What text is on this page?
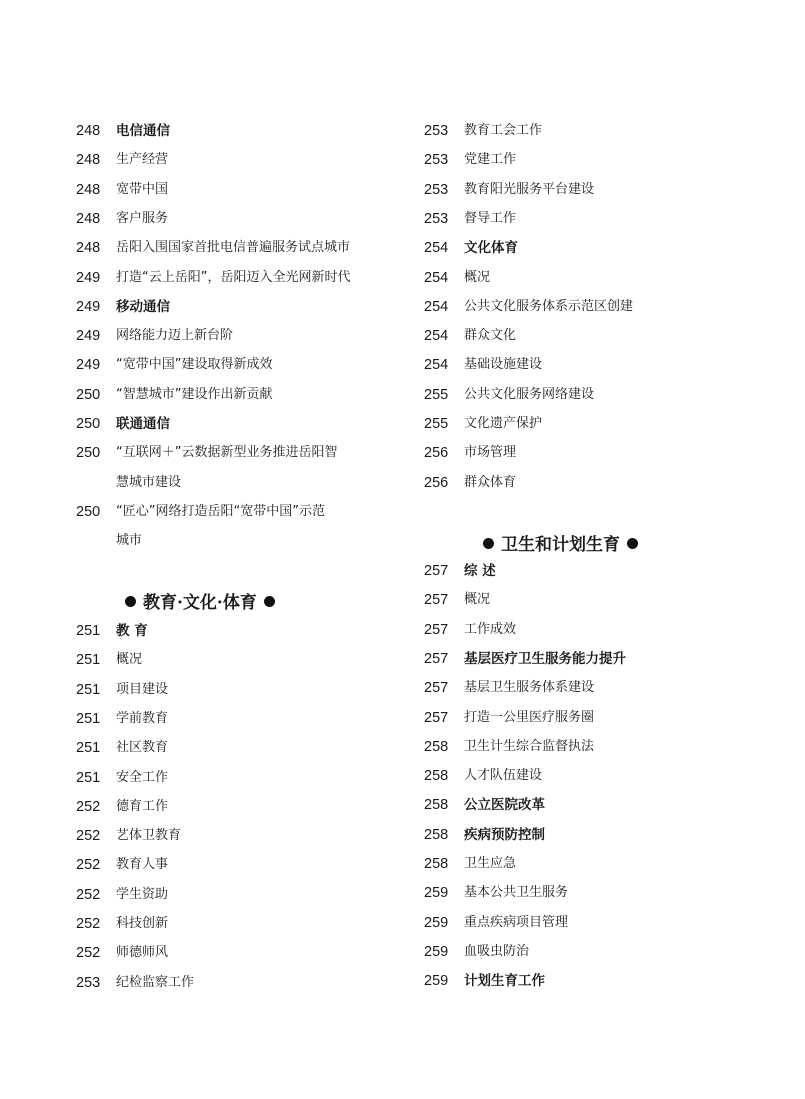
248	电信通信
248	生产经营
248	宽带中国
248	客户服务
248	岳阳入围国家首批电信普遍服务试点城市
249	打造“云上岳阳”，岳阳迈入全光网新时代
249	移动通信
249	网络能力迈上新台阶
249	“宽带中国”建设取得新成效
250	“智慧城市”建设作出新贡献
250	联通通信
250	“互联网＋”云数据新型业务推进岳阳智
慧城市建设
250	“匠心”网络打造岳阳“宽带中国”示范
城市
教育·文化·体育
251	教 育
251	概况
251	项目建设
251	学前教育
251	社区教育
251	安全工作
252	德育工作
252	艺体卫教育
252	教育人事
252	学生资助
252	科技创新
252	师德师风
253	纪检监察工作
253	教育工会工作
253	党建工作
253	教育阳光服务平台建设
253	督导工作
254	文化体育
254	概况
254	公共文化服务体系示范区创建
254	群众文化
254	基础设施建设
255	公共文化服务网络建设
255	文化遗产保护
256	市场管理
256	群众体育
卫生和计划生育
257	综 述
257	概况
257	工作成效
257	基层医疗卫生服务能力提升
257	基层卫生服务体系建设
257	打造一公里医疗服务圈
258	卫生计生综合监督执法
258	人才队伍建设
258	公立医院改革
258	疾病预防控制
258	卫生应急
259	基本公共卫生服务
259	重点疾病项目管理
259	血吸虫防治
259	计划生育工作
